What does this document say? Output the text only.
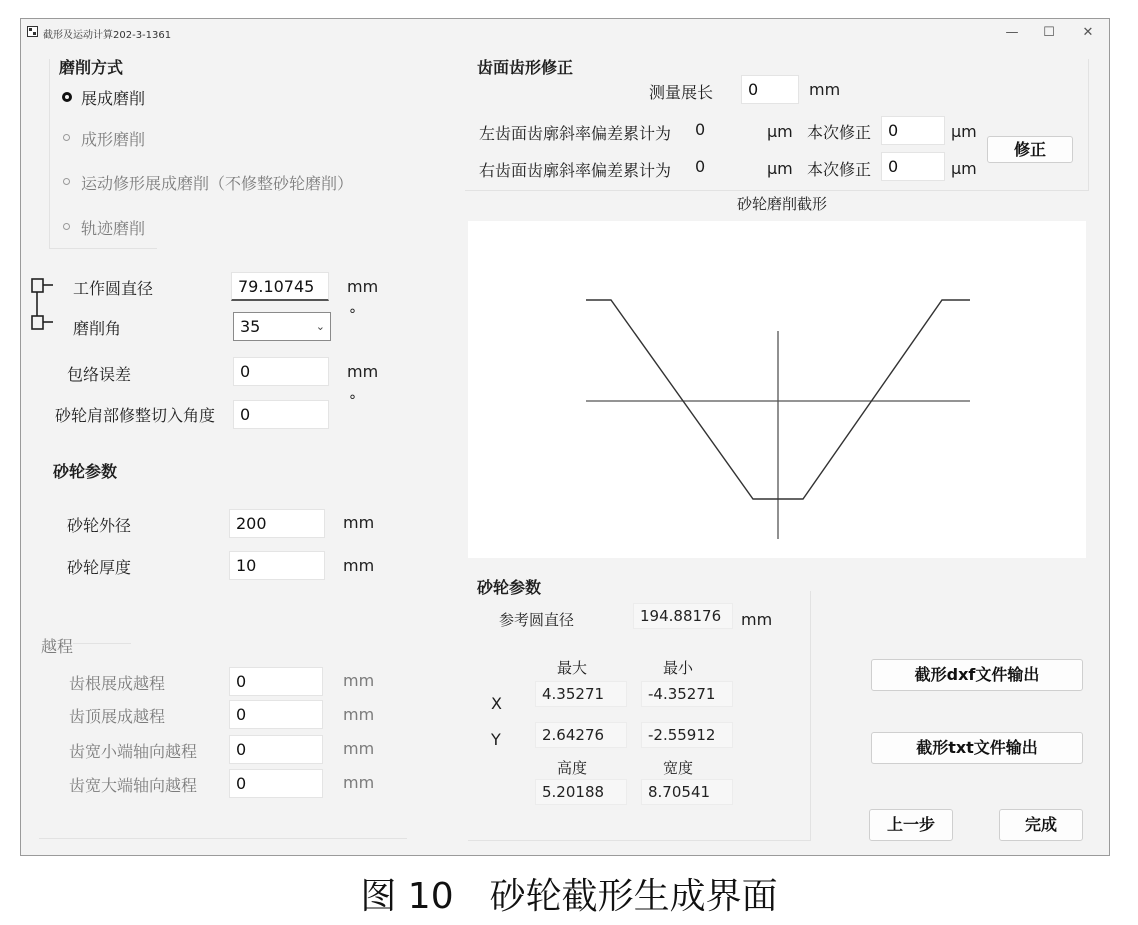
截形及运动计算202-3-1361	—	☐	✕
磨削方式
展成磨削
成形磨削
运动修形展成磨削（不修整砂轮磨削）
轨迹磨削
工作圆直径	79.10745	mm
磨削角	35	⌄
°
包络误差	0	mm
砂轮肩部修整切入角度	0
°
砂轮参数
砂轮外径	200	mm
砂轮厚度	10	mm
越程
齿根展成越程	0	mm
齿顶展成越程	0	mm
齿宽小端轴向越程	0	mm
齿宽大端轴向越程	0	mm
齿面齿形修正
测量展长	0	mm
左齿面齿廓斜率偏差累计为 0	μm 本次修正	0	μm
右齿面齿廓斜率偏差累计为 0	μm 本次修正	0	μm
修正
砂轮磨削截形
砂轮参数
参考圆直径	194.88176	mm
最大	最小
X	4.35271	-4.35271
Y	2.64276	-2.55912
高度	宽度
5.20188	8.70541
截形dxf文件输出
截形txt文件输出
上一步	完成
图 10　砂轮截形生成界面
